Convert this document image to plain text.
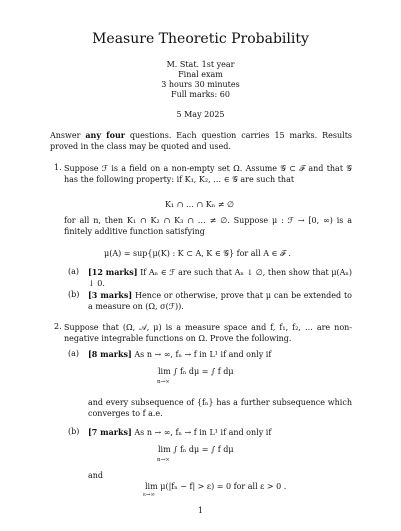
Measure Theoretic Probability
M. Stat. 1st year
Final exam
3 hours 30 minutes
Full marks: 60
5 May 2025
Answer any four questions. Each question carries 15 marks. Results proved in the class may be quoted and used.
1. Suppose ℱ is a field on a non-empty set Ω. Assume 𝒢 ⊂ ℱ and that 𝒢 has the following property: if K₁, K₂, … ∈ 𝒢 are such that
K₁ ∩ … ∩ Kₙ ≠ ∅
for all n, then K₁ ∩ K₂ ∩ K₃ ∩ … ≠ ∅. Suppose μ : ℱ → [0, ∞) is a finitely additive function satisfying
μ(A) = sup{μ(K) : K ⊂ A, K ∈ 𝒢} for all A ∈ ℱ .
(a) [12 marks] If Aₙ ∈ ℱ are such that Aₙ ↓ ∅, then show that μ(Aₙ) ↓ 0.
(b) [3 marks] Hence or otherwise, prove that μ can be extended to a measure on (Ω, σ(ℱ)).
2. Suppose that (Ω, 𝒜, μ) is a measure space and f, f₁, f₂, … are non-negative integrable functions on Ω. Prove the following.
(a) [8 marks] As n → ∞, fₙ → f in L¹ if and only if
lim ∫ fₙ dμ = ∫ f dμ
n→∞
and every subsequence of {fₙ} has a further subsequence which converges to f a.e.
(b) [7 marks] As n → ∞, fₙ → f in L¹ if and only if
lim ∫ fₙ dμ = ∫ f dμ
n→∞
and
lim μ(|fₙ − f| > ε) = 0 for all ε > 0 .
ε→∞
1
